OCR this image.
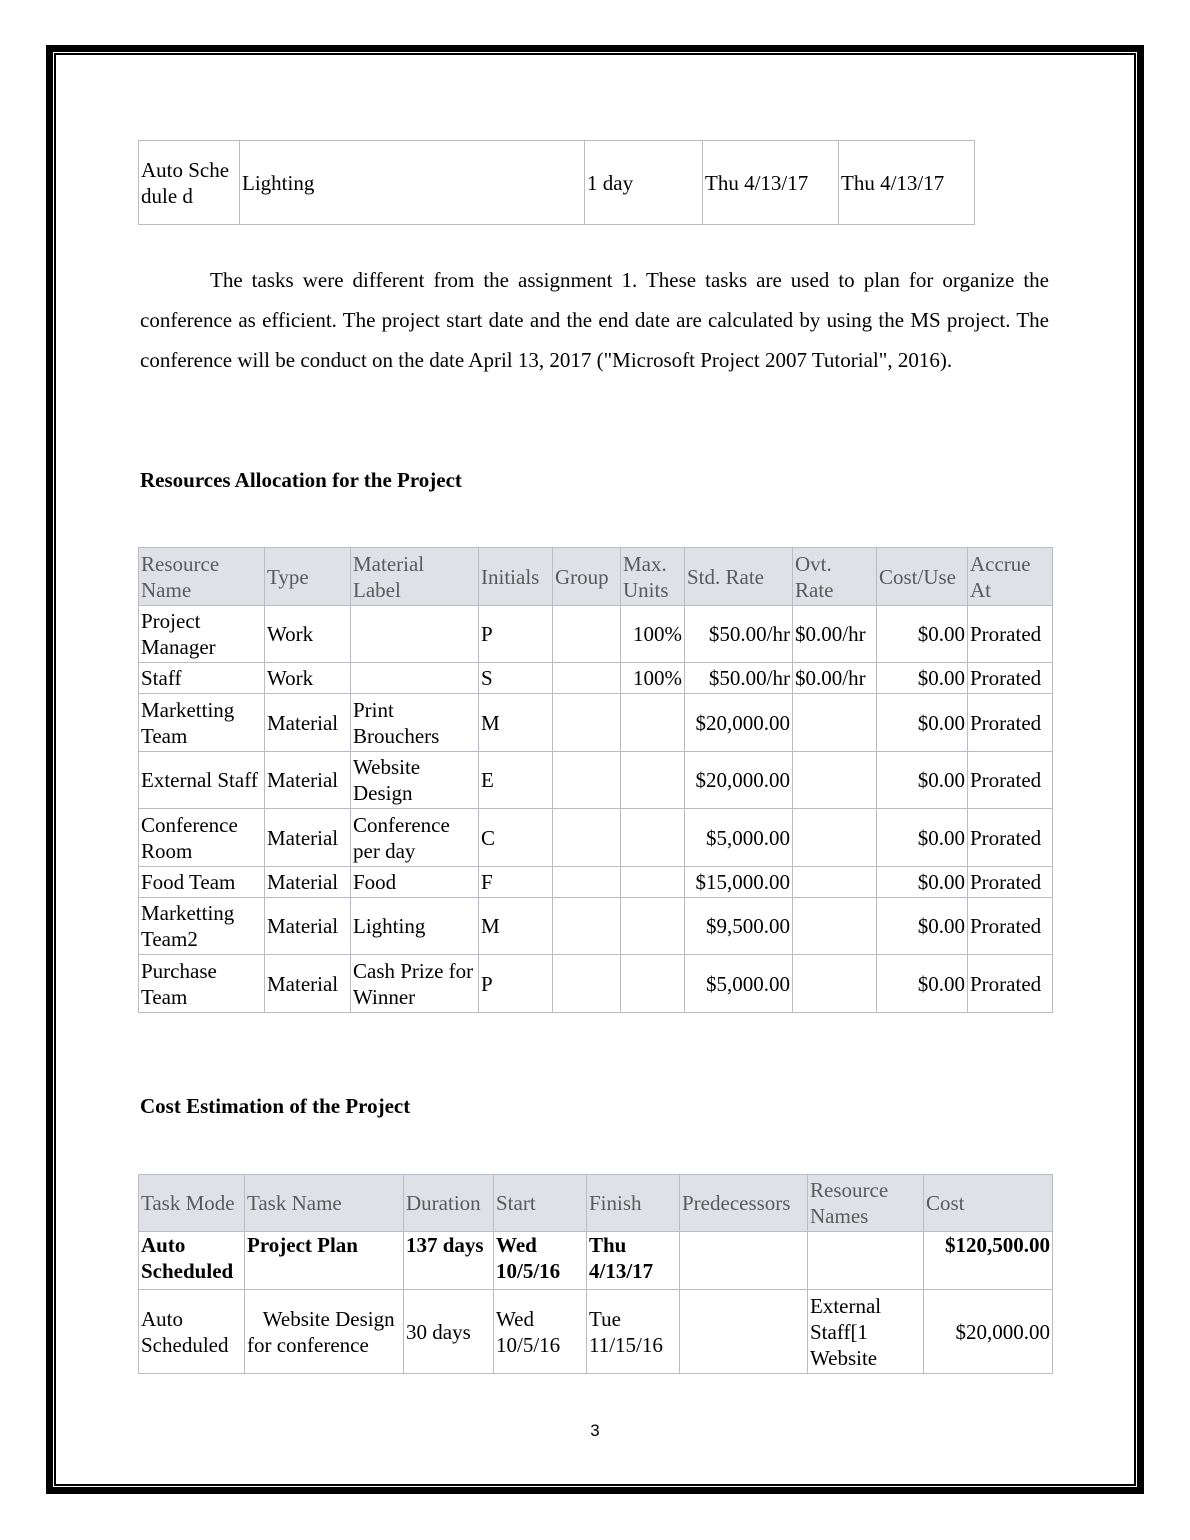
Auto Schedule d	Lighting	1 day	Thu 4/13/17	Thu 4/13/17
The tasks were different from the assignment 1. These tasks are used to plan for organize the conference as efficient. The project start date and the end date are calculated by using the MS project. The conference will be conduct on the date April 13, 2017 ("Microsoft Project 2007 Tutorial", 2016).
Resources Allocation for the Project
Resource Name	Type	Material Label	Initials	Group	Max. Units	Std. Rate	Ovt. Rate	Cost/Use	Accrue At
Project Manager	Work		P		100%	$50.00/hr	$0.00/hr	$0.00	Prorated
Staff	Work		S		100%	$50.00/hr	$0.00/hr	$0.00	Prorated
Marketting Team	Material	Print Brouchers	M			$20,000.00		$0.00	Prorated
External Staff	Material	Website Design	E			$20,000.00		$0.00	Prorated
Conference Room	Material	Conference per day	C			$5,000.00		$0.00	Prorated
Food Team	Material	Food	F			$15,000.00		$0.00	Prorated
Marketting Team2	Material	Lighting	M			$9,500.00		$0.00	Prorated
Purchase Team	Material	Cash Prize for Winner	P			$5,000.00		$0.00	Prorated
Cost Estimation of the Project
Task Mode	Task Name	Duration	Start	Finish	Predecessors	Resource Names	Cost
Auto Scheduled	Project Plan	137 days	Wed 10/5/16	Thu 4/13/17			$120,500.00
Auto Scheduled	Website Design for conference	30 days	Wed 10/5/16	Tue 11/15/16		External Staff[1 Website	$20,000.00
3
